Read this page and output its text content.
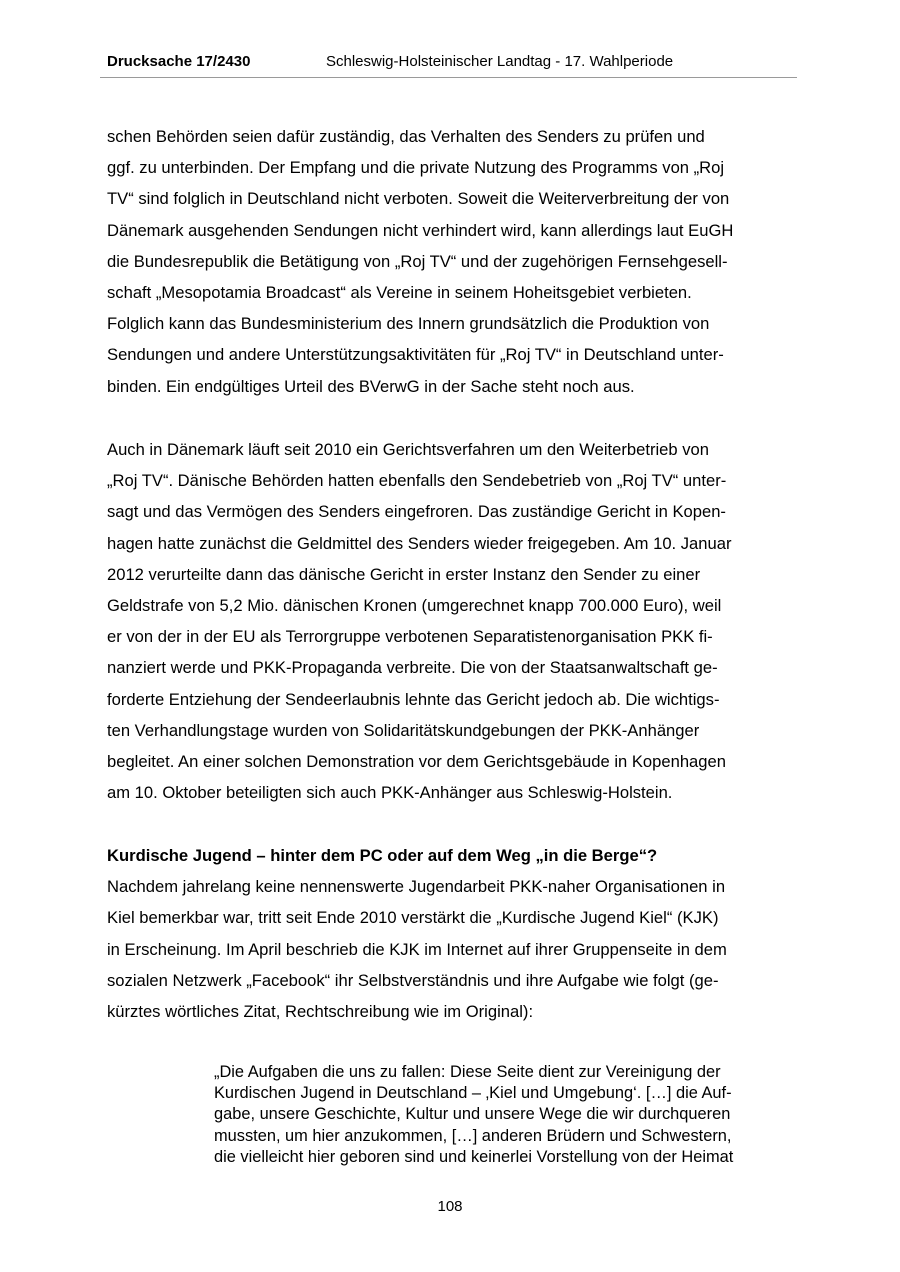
Drucksache 17/2430	Schleswig-Holsteinischer Landtag - 17. Wahlperiode
schen Behörden seien dafür zuständig, das Verhalten des Senders zu prüfen und
ggf. zu unterbinden. Der Empfang und die private Nutzung des Programms von „Roj
TV“ sind folglich in Deutschland nicht verboten. Soweit die Weiterverbreitung der von
Dänemark ausgehenden Sendungen nicht verhindert wird, kann allerdings laut EuGH
die Bundesrepublik die Betätigung von „Roj TV“ und der zugehörigen Fernsehgesell-
schaft „Mesopotamia Broadcast“ als Vereine in seinem Hoheitsgebiet verbieten.
Folglich kann das Bundesministerium des Innern grundsätzlich die Produktion von
Sendungen und andere Unterstützungsaktivitäten für „Roj TV“ in Deutschland unter-
binden. Ein endgültiges Urteil des BVerwG in der Sache steht noch aus.
Auch in Dänemark läuft seit 2010 ein Gerichtsverfahren um den Weiterbetrieb von
„Roj TV“. Dänische Behörden hatten ebenfalls den Sendebetrieb von „Roj TV“ unter-
sagt und das Vermögen des Senders eingefroren. Das zuständige Gericht in Kopen-
hagen hatte zunächst die Geldmittel des Senders wieder freigegeben. Am 10. Januar
2012 verurteilte dann das dänische Gericht in erster Instanz den Sender zu einer
Geldstrafe von 5,2 Mio. dänischen Kronen (umgerechnet knapp 700.000 Euro), weil
er von der in der EU als Terrorgruppe verbotenen Separatistenorganisation PKK fi-
nanziert werde und PKK-Propaganda verbreite. Die von der Staatsanwaltschaft ge-
forderte Entziehung der Sendeerlaubnis lehnte das Gericht jedoch ab. Die wichtigs-
ten Verhandlungstage wurden von Solidaritätskundgebungen der PKK-Anhänger
begleitet. An einer solchen Demonstration vor dem Gerichtsgebäude in Kopenhagen
am 10. Oktober beteiligten sich auch PKK-Anhänger aus Schleswig-Holstein.
Kurdische Jugend – hinter dem PC oder auf dem Weg „in die Berge“?
Nachdem jahrelang keine nennenswerte Jugendarbeit PKK-naher Organisationen in
Kiel bemerkbar war, tritt seit Ende 2010 verstärkt die „Kurdische Jugend Kiel“ (KJK)
in Erscheinung. Im April beschrieb die KJK im Internet auf ihrer Gruppenseite in dem
sozialen Netzwerk „Facebook“ ihr Selbstverständnis und ihre Aufgabe wie folgt (ge-
kürztes wörtliches Zitat, Rechtschreibung wie im Original):
„Die Aufgaben die uns zu fallen: Diese Seite dient zur Vereinigung der
Kurdischen Jugend in Deutschland – ‚Kiel und Umgebung‘. […] die Auf-
gabe, unsere Geschichte, Kultur und unsere Wege die wir durchqueren
mussten, um hier anzukommen, […] anderen Brüdern und Schwestern,
die vielleicht hier geboren sind und keinerlei Vorstellung von der Heimat
108
